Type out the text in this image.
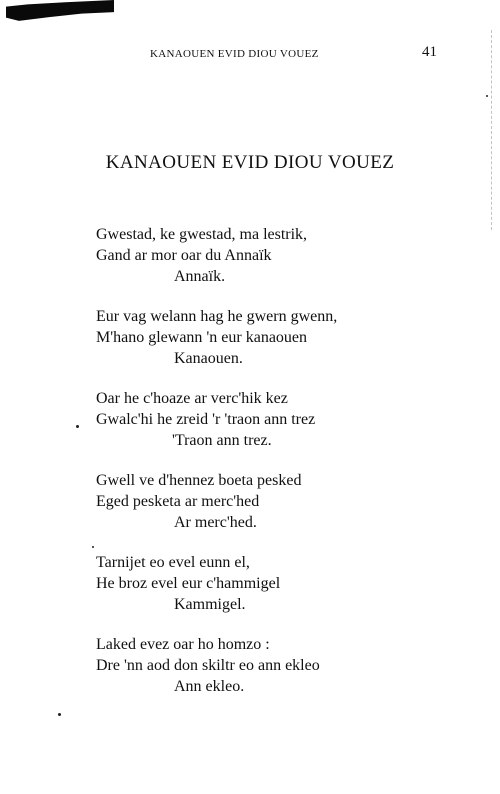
KANAOUEN EVID DIOU VOUEZ	41
KANAOUEN EVID DIOU VOUEZ
Gwestad, ke gwestad, ma lestrik,
Gand ar mor oar du Annaïk
Annaïk.
Eur vag welann hag he gwern gwenn,
M'hano glewann 'n eur kanaouen
Kanaouen.
Oar he c'hoaze ar verc'hik kez
Gwalc'hi he zreid 'r 'traon ann trez
'Traon ann trez.
Gwell ve d'hennez boeta pesked
Eged pesketa ar merc'hed
Ar merc'hed.
Tarnijet eo evel eunn el,
He broz evel eur c'hammigel
Kammigel.
Laked evez oar ho homzo :
Dre 'nn aod don skiltr eo ann ekleo
Ann ekleo.
